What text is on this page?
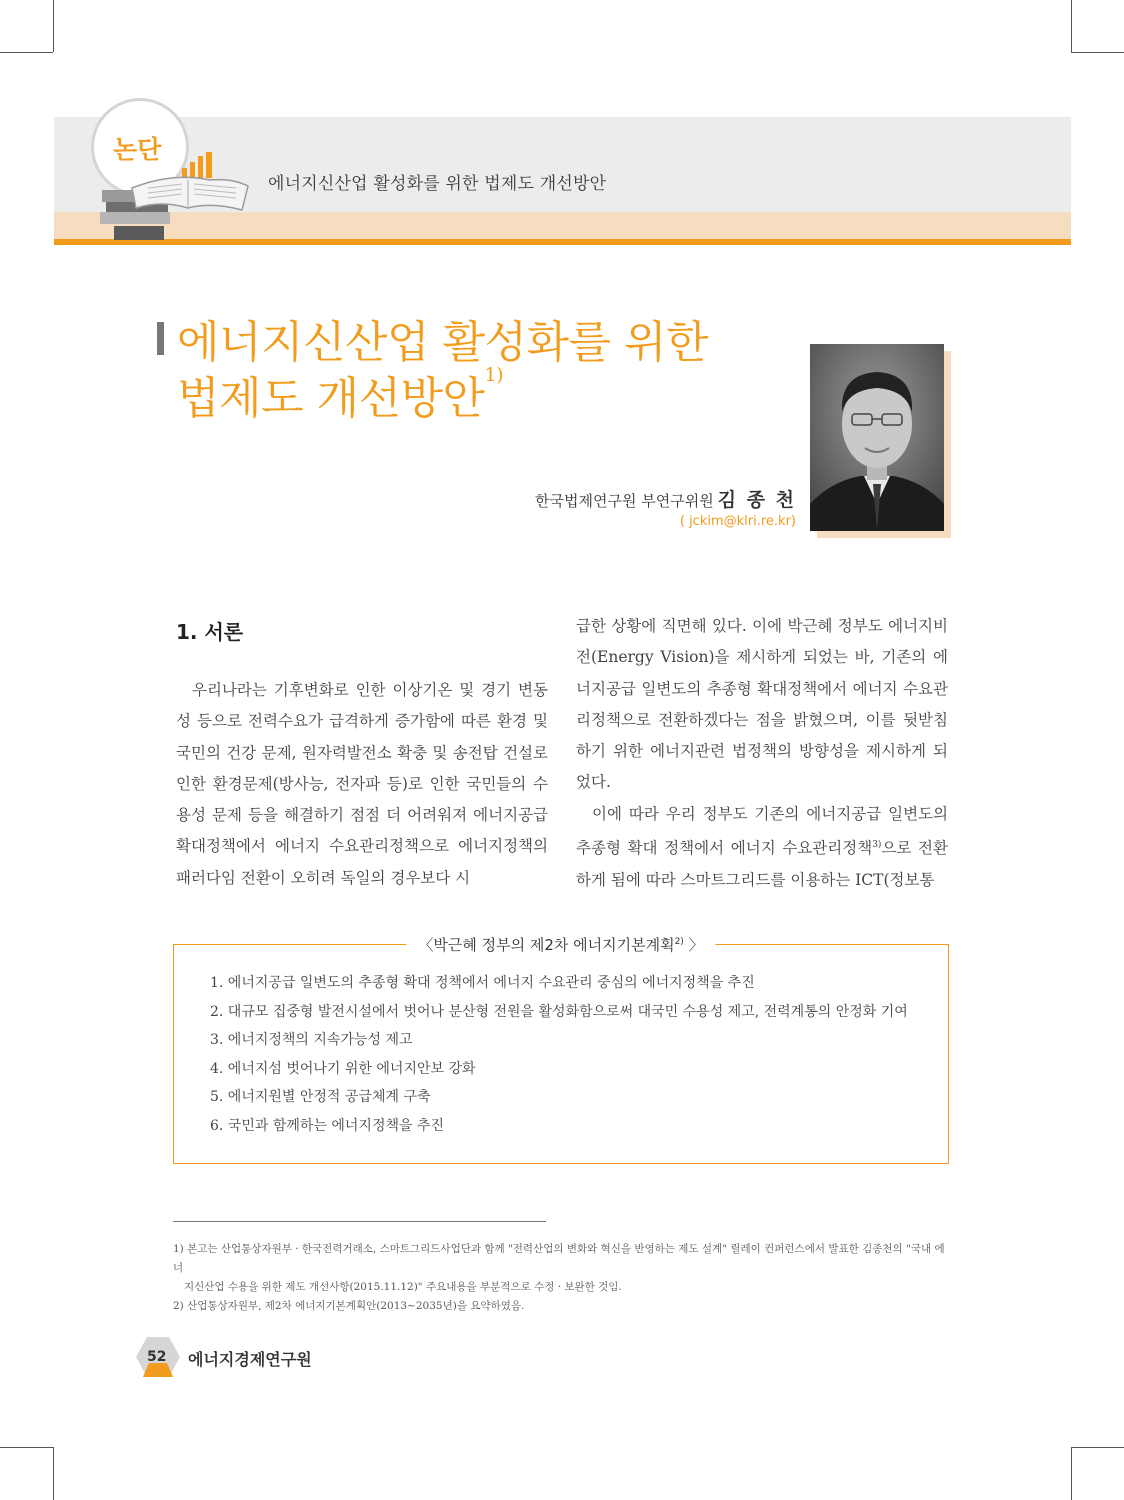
에너지신산업 활성화를 위한 법제도 개선방안
논단
에너지신산업 활성화를 위한
법제도 개선방안$^{1)}$
한국법제연구원 부연구위원 김 종 천
( jckim@klri.re.kr)
1. 서론

우리나라는 기후변화로 인한 이상기온 및 경기 변동성 등으로 전력수요가 급격하게 증가함에 따른 환경 및 국민의 건강 문제, 원자력발전소 확충 및 송전탑 건설로 인한 환경문제(방사능, 전자파 등)로 인한 국민들의 수용성 문제 등을 해결하기 점점 더 어려워져 에너지공급 확대정책에서 에너지 수요관리정책으로 에너지정책의 패러다임 전환이 오히려 독일의 경우보다 시

급한 상황에 직면해 있다. 이에 박근혜 정부도 에너지비전(Energy Vision)을 제시하게 되었는 바, 기존의 에너지공급 일변도의 추종형 확대정책에서 에너지 수요관리정책으로 전환하겠다는 점을 밝혔으며, 이를 뒷받침하기 위한 에너지관련 법정책의 방향성을 제시하게 되었다.

이에 따라 우리 정부도 기존의 에너지공급 일변도의 추종형 확대 정책에서 에너지 수요관리정책$^{3)}$으로 전환하게 됨에 따라 스마트그리드를 이용하는 ICT(정보통

〈박근혜 정부의 제2차 에너지기본계획$^{2)}$ 〉
1. 에너지공급 일변도의 추종형 확대 정책에서 에너지 수요관리 중심의 에너지정책을 추진
2. 대규모 집중형 발전시설에서 벗어나 분산형 전원을 활성화함으로써 대국민 수용성 제고, 전력계통의 안정화 기여
3. 에너지정책의 지속가능성 제고
4. 에너지섬 벗어나기 위한 에너지안보 강화
5. 에너지원별 안정적 공급체계 구축
6. 국민과 함께하는 에너지정책을 추진
1) 본고는 산업통상자원부 · 한국전력거래소, 스마트그리드사업단과 함께 "전력산업의 변화와 혁신을 반영하는 제도 설계" 릴레이 컨퍼런스에서 발표한 김종천의 "국내 에너
지신산업 수용을 위한 제도 개선사항(2015.11.12)" 주요내용을 부분적으로 수정 · 보완한 것임.
2) 산업통상자원부, 제2차 에너지기본계획안(2013~2035년)을 요약하였음.
52 에너지경제연구원
